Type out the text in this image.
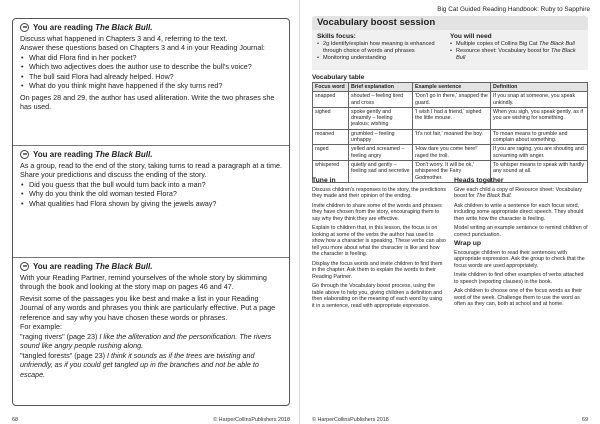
You are reading
The Black Bull.

Discuss what happened in Chapters 3 and 4, referring to the text.

Answer these questions based on Chapters 3 and 4 in your Reading Journal:

• What did Flora find in her pocket?
• Which two adjectives does the author use to describe the bull's voice?
• The bull said Flora had already helped. How?
• What do you think might have happened if the sky turns red?

On pages 28 and 29, the author has used alliteration. Write the two phrases she has used.

You are reading
The Black Bull.

As a group, read to the end of the story, taking turns to read a paragraph at a time.

Share your predictions and discuss the ending of the story.

• Did you guess that the bull would turn back into a man?
• Why do you think the old woman tested Flora?
• What qualities had Flora shown by giving the jewels away?
You are reading
The Black Bull.

With your Reading Partner, remind yourselves of the whole story by skimming through the book and looking at the story map on pages 46 and 47.

Revisit some of the passages you like best and make a list in your Reading Journal of any words and phrases you think are particularly effective. Put a page reference and say why you have chosen these words or phrases.

For example:

"raging rivers" (page 23) I like the alliteration and the personification. The rivers sound like angry people rushing along.

"tangled forests" (page 23) I think it sounds as if the trees are twisting and unfriendly, as if you could get tangled up in the branches and not be able to escape.

68	© HarperCollinsPublishers 2018
Big Cat Guided Reading Handbook: Ruby to Sapphire
Vocabulary boost session
Skills focus:
• 2g Identify/explain how meaning is enhanced through choice of words and phrases
• Monitoring understanding
You will need
• Multiple copies of Collins Big Cat The Black Bull
• Resource sheet: Vocabulary boost for The Black Bull
Vocabulary table
Focus word	Brief explanation	Example sentence	Definition
snapped	shouted – feeling tired and cross	'Don't go in there,' snapped the guard.	If you snap at someone, you speak unkindly.
sighed	spoke gently and dreamily – feeling jealous; wishing	'I wish I had a friend,' sighed the little mouse.	When you sigh, you speak gently, as if you are wishing for something.
moaned	grumbled – feeling unhappy	'It's not fair,' moaned the boy.	To moan means to grumble and complain about something.
raged	yelled and screamed – feeling angry	'How dare you come here!' raged the troll.	If you are raging, you are shouting and screaming with anger.
whispered	quietly and gently – feeling sad and secretive	'Don't worry. It will be ok,' whispered the Fairy Godmother.	To whisper means to speak with hardly any sound at all.
Tune in

Discuss children's responses to the story, the predictions they made and their opinion of the ending.

Invite children to share some of the words and phrases they have chosen from the story, encouraging them to say why they think they are effective.

Explain to children that, in this lesson, the focus is on looking at some of the verbs the author has used to show how a character is speaking. These verbs can also tell you more about what the character is like and how the character is feeling.

Display the focus words and invite children to find them in the chapter. Ask them to explain the words to their Reading Partner.

Go through the Vocabulary boost process, using the table above to help you, giving children a definition and then elaborating on the meaning of each word by using it in a sentence, read with appropriate expression.

Heads together

Give each child a copy of Resource sheet: Vocabulary boost for The Black Bull.

Ask children to write a sentence for each focus word, including some appropriate direct speech. They should then write how the character is feeling.

Model writing an example sentence to remind children of correct punctuation.

Wrap up

Encourage children to read their sentences with appropriate expression. Ask the group to check that the focus words are used appropriately.

Invite children to find other examples of verbs attached to speech (reporting clauses) in the book.

Ask children to choose one of the focus words as their word of the week. Challenge them to use the word as often as they can, both at school and at home.

© HarperCollinsPublishers 2018	69
